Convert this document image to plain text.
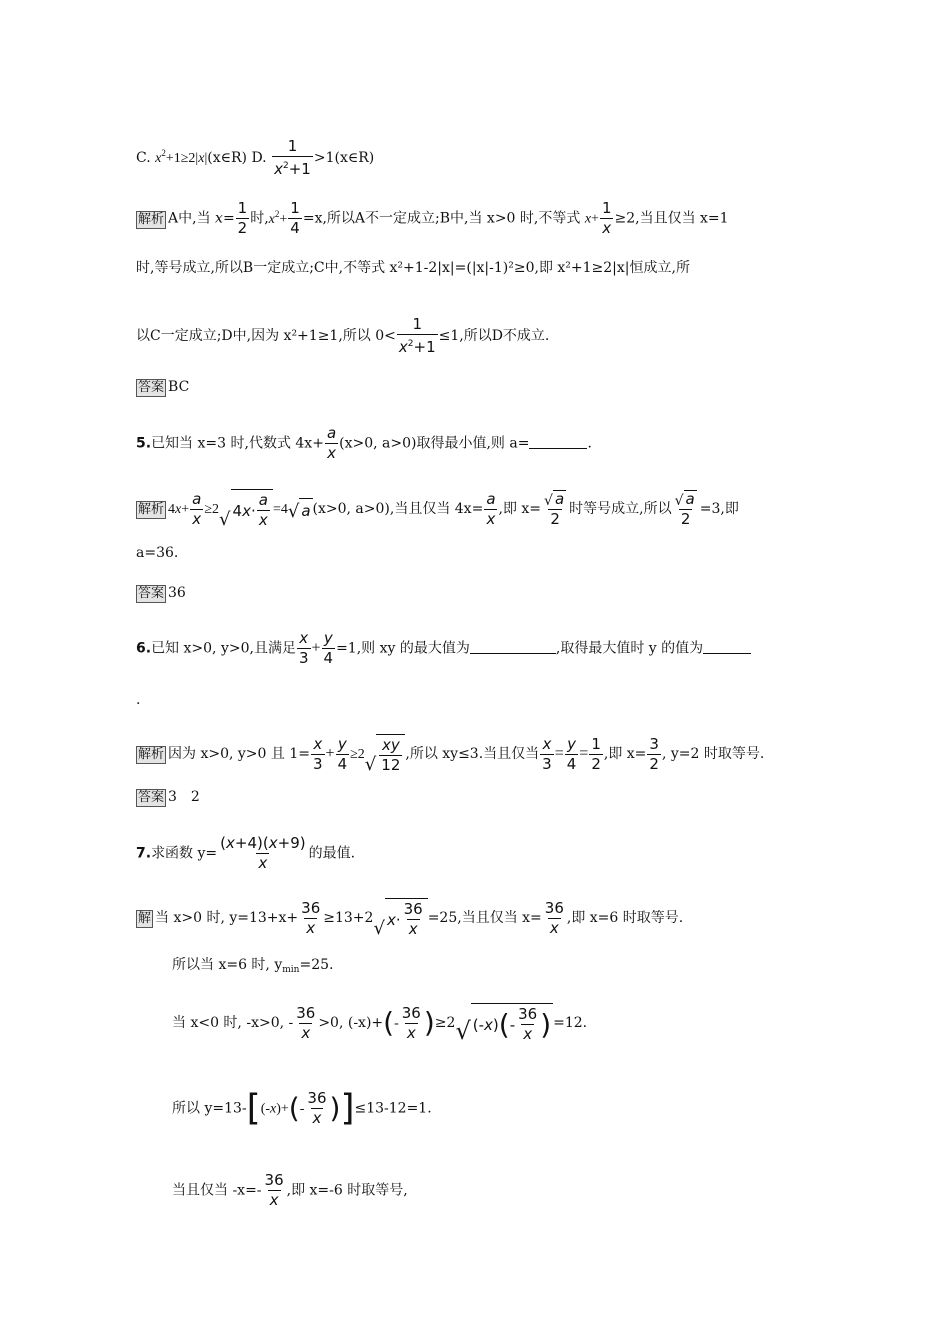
C. $x^2+1\ge 2|x|(x\in R)$ D. $\frac{1}{x^2+1}$ >1(x∈R)
解析 A中,当 $x= \frac{1}{2}$ 时$,x^2+ \frac{1}{4} =x$,所以A不一定成立;B中,当 x>0 时,不等式 $x+ \frac{1}{x} \ge 2$,当且仅当 x=1
时,等号成立,所以B一定成立;C中,不等式 x²+1-2|x|=(|x|-1)²≥0,即 x²+1≥2|x|恒成立,所
以C一定成立;D中,因为 x²+1≥1,所以 $0< \frac{1}{x^2+1} \le 1$,所以D不成立.
答案 BC
5.已知当 x=3 时,代数式 $4x+ \frac{a}{x} (x>0$, a>0)取得最小值,则 a=	.
解析 $4x+ \frac{a}{x} \ge 2$ √ 4 $x \cdot \frac{a}{x} =4$ √ a (x>0, a>0),当且仅当 $4x= \frac{a}{x}$ ,即 $x= \frac{√ a}{2}$ 时等号成立,所以 $\frac{√ a}{2} =3$,即
a=36.
答案 36
6.已知 x>0, y>0,且满足 $\frac{x}{3} + \frac{y}{4} =1$,则 xy 的最大值为	,取得最大值时 y 的值为
.
解析 因为 x>0, y>0 且 $1= \frac{x}{3} + \frac{y}{4} \ge 2$ √ $\frac{xy}{12}$ ,所以 xy≤3.当且仅当 $\frac{x}{3} = \frac{y}{4} = \frac{1}{2}$ ,即 $x= \frac{3}{2}$ , y=2 时取等号.
答案 3　2
7.求函数 $y= \frac{(x+4)(x+9)}{x}$ 的最值.
解 当 x>0 时, $y=13+x+ \frac{36}{x} \ge 13+2$ √ $x \cdot \frac{36}{x} =25$,当且仅当 $x= \frac{36}{x}$ ,即 x=6 时取等号.
所以当 x=6 时, $y_{min}=25$.
当 x<0 时, -x>0, - $\frac{36}{x} >0$, $(-x)+(- \frac{36}{x} )\ge 2$ √ (- x ) ( - $\frac{36}{x}$ ) =12.
所以 $y=13-[(-x)+(- \frac{36}{x} )]\le 13-12=1$.
当且仅当 $-x=- \frac{36}{x}$ ,即 x=-6 时取等号,
